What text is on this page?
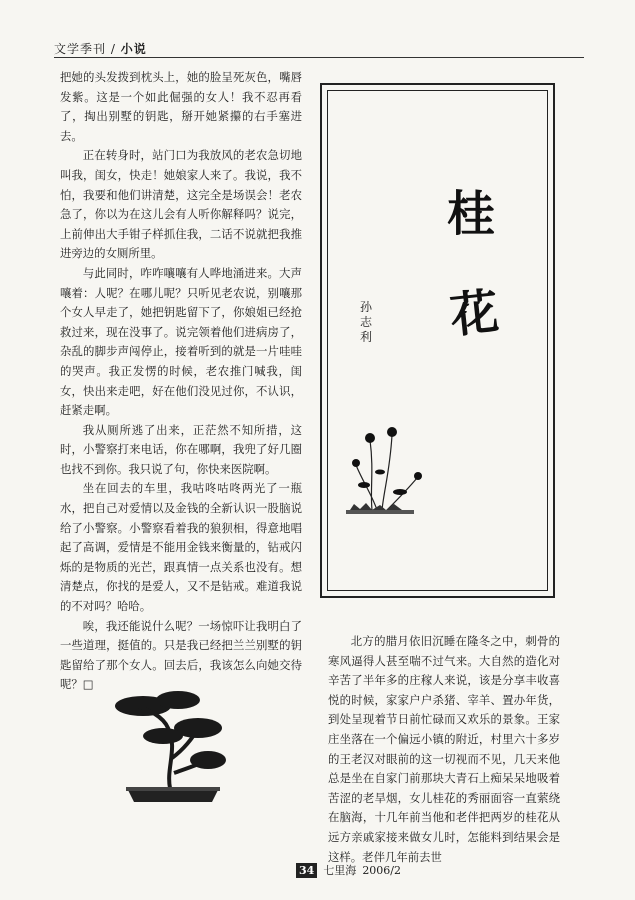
文学季刊 / 小说

把她的头发拨到枕头上，她的脸呈死灰色，嘴唇发紫。这是一个如此倔强的女人！我不忍再看了，掏出别墅的钥匙，掰开她紧攥的右手塞进去。

正在转身时，站门口为我放风的老农急切地叫我，闺女，快走！她娘家人来了。我说，我不怕，我要和他们讲清楚，这完全是场误会！老农急了，你以为在这儿会有人听你解释吗？说完，上前伸出大手钳子样抓住我，二话不说就把我推进旁边的女厕所里。

与此同时，咋咋嚷嚷有人哗地涌进来。大声嚷着：人呢？在哪儿呢？只听见老农说，别嚷那个女人早走了，她把钥匙留下了，你娘姐已经抢救过来，现在没事了。说完领着他们进病房了，杂乱的脚步声闯停止，接着听到的就是一片哇哇的哭声。我正发愣的时候，老农推门喊我，闺女，快出来走吧，好在他们没见过你，不认识，赶紧走啊。

我从厕所逃了出来，正茫然不知所措，这时，小警察打来电话，你在哪啊，我兜了好几圈也找不到你。我只说了句，你快来医院啊。

坐在回去的车里，我咕咚咕咚两光了一瓶水，把自己对爱情以及金钱的全新认识一股脑说给了小警察。小警察看着我的狼狈相，得意地唱起了高调，爱情是不能用金钱来衡量的，钻戒闪烁的是物质的光芒，跟真情一点关系也没有。想清楚点，你找的是爱人，又不是钻戒。难道我说的不对吗？哈哈。

唉，我还能说什么呢？一场惊吓让我明白了一些道理，挺值的。只是我已经把兰兰别墅的钥匙留给了那个女人。回去后，我该怎么向她交待呢？□

桂
花
孙志利

北方的腊月依旧沉睡在隆冬之中，刺骨的寒风逼得人甚至喘不过气来。大自然的造化对辛苦了半年多的庄稼人来说，该是分享丰收喜悦的时候，家家户户杀猪、宰羊、置办年货，到处呈现着节日前忙碌而又欢乐的景象。王家庄坐落在一个偏远小镇的附近，村里六十多岁的王老汉对眼前的这一切视而不见，几天来他总是坐在自家门前那块大青石上痴呆呆地吸着苦涩的老旱烟，女儿桂花的秀丽面容一直萦绕在脑海，十几年前当他和老伴把两岁的桂花从远方亲戚家接来做女儿时，怎能料到结果会是这样。老伴几年前去世

34 七里海 2006/2
